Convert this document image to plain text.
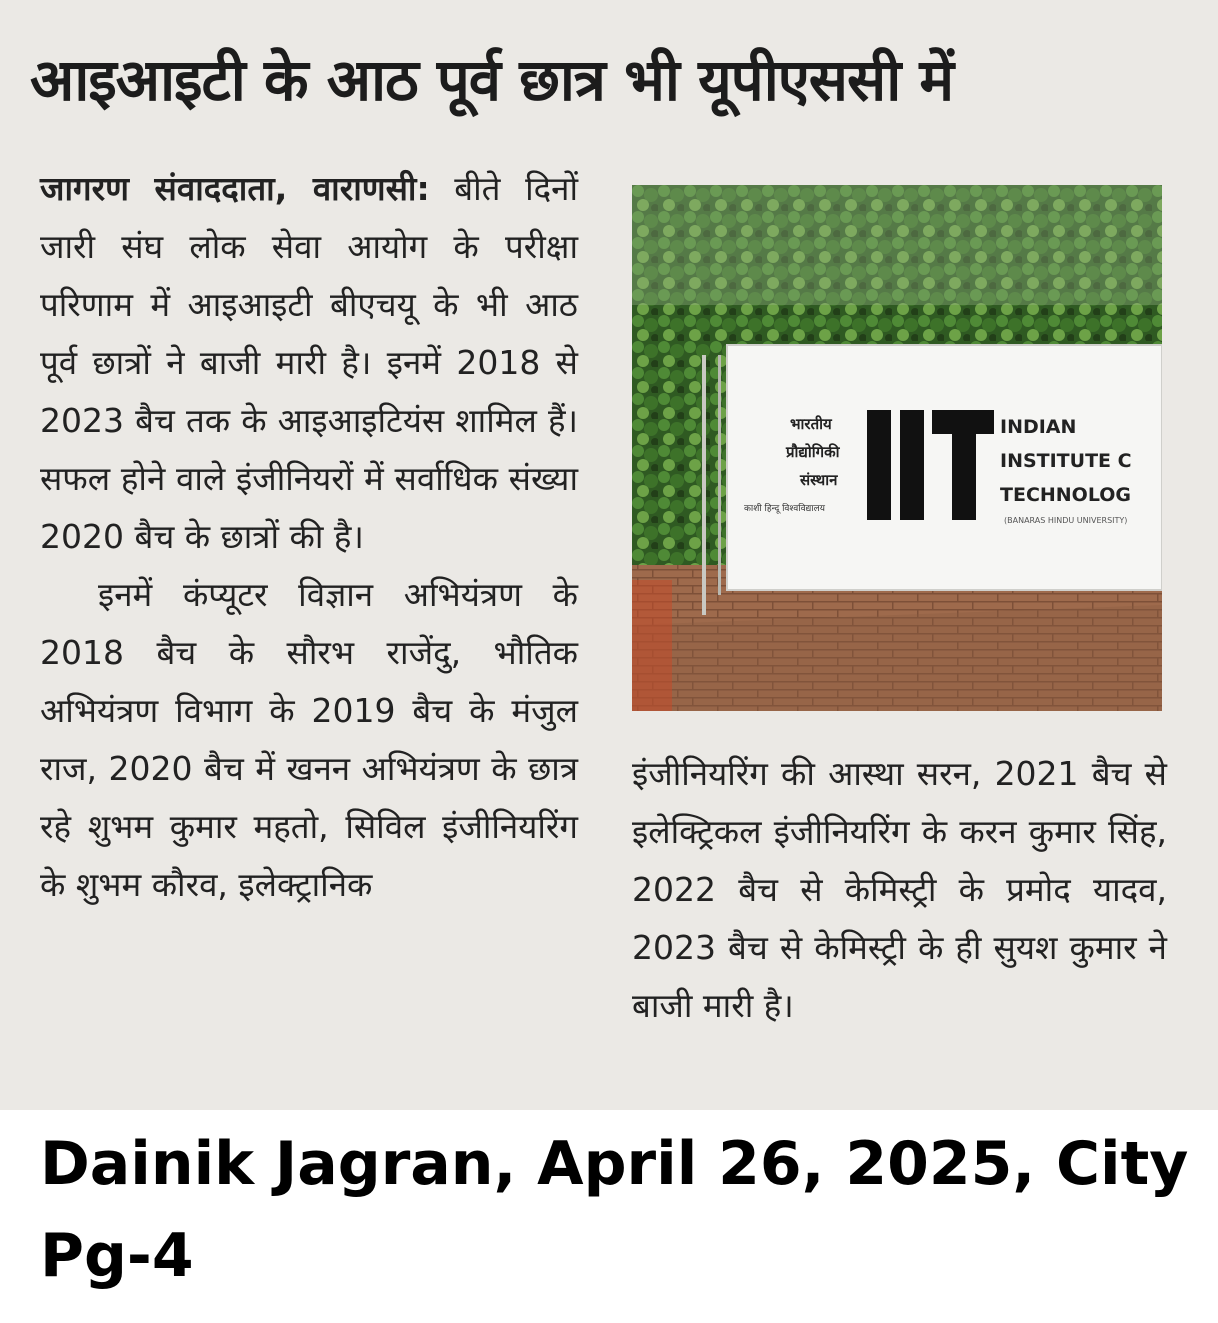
आइआइटी के आठ पूर्व छात्र भी यूपीएससी में

जागरण संवाददाता, वाराणसी: बीते दिनों जारी संघ लोक सेवा आयोग के परीक्षा परिणाम में आइआइटी बीएचयू के भी आठ पूर्व छात्रों ने बाजी मारी है। इनमें 2018 से 2023 बैच तक के आइआइटियंस शामिल हैं। सफल होने वाले इंजीनियरों में सर्वाधिक संख्या 2020 बैच के छात्रों की है।

इनमें कंप्यूटर विज्ञान अभियंत्रण के 2018 बैच के सौरभ राजेंदु, भौतिक अभियंत्रण विभाग के 2019 बैच के मंजुल राज, 2020 बैच में खनन अभियंत्रण के छात्र रहे शुभम कुमार महतो, सिविल इंजीनियरिंग के शुभम कौरव, इलेक्ट्रानिक

भारतीय
प्रौद्योगिकी
संस्थान
काशी हिन्दू विश्वविद्यालय
INDIAN
INSTITUTE C
TECHNOLOG
(BANARAS HINDU UNIVERSITY)

इंजीनियरिंग की आस्था सरन, 2021 बैच से इलेक्ट्रिकल इंजीनियरिंग के करन कुमार सिंह, 2022 बैच से केमिस्ट्री के प्रमोद यादव, 2023 बैच से केमिस्ट्री के ही सुयश कुमार ने बाजी मारी है।

Dainik Jagran, April 26, 2025, City Pg-4
